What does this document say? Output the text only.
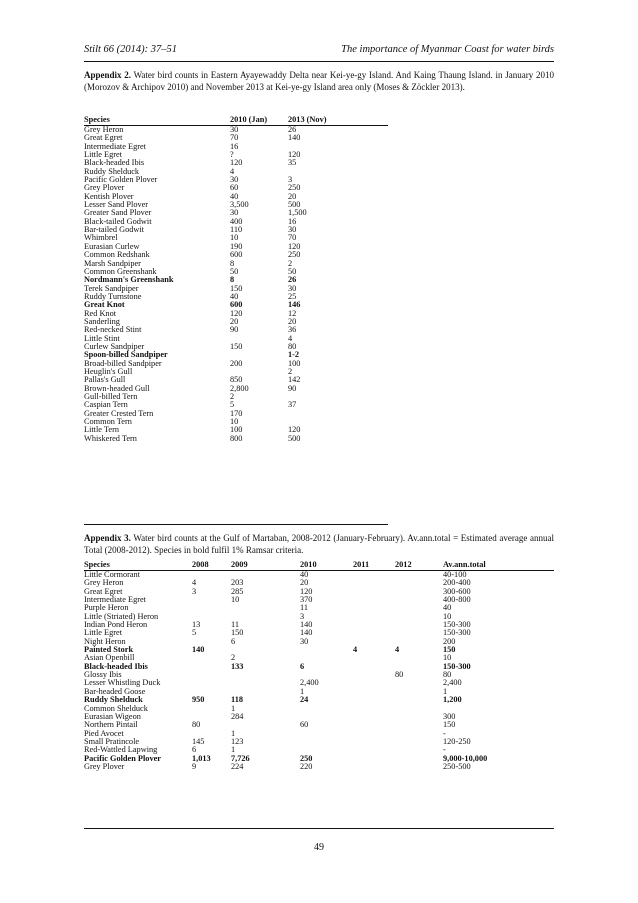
Stilt 66 (2014): 37–51	The importance of Myanmar Coast for water birds
Appendix 2. Water bird counts in Eastern Ayayewaddy Delta near Kei-ye-gy Island. And Kaing Thaung Island. in January 2010 (Morozov & Archipov 2010) and November 2013 at Kei-ye-gy Island area only (Moses & Zöckler 2013).
Species	2010 (Jan)	2013 (Nov)
Grey Heron	30	26
Great Egret	70	140
Intermediate Egret	16	
Little Egret	?	120
Black-headed Ibis	120	35
Ruddy Shelduck	4	
Pacific Golden Plover	30	3
Grey Plover	60	250
Kentish Plover	40	20
Lesser Sand Plover	3,500	500
Greater Sand Plover	30	1,500
Black-tailed Godwit	400	16
Bar-tailed Godwit	110	30
Whimbrel	10	70
Eurasian Curlew	190	120
Common Redshank	600	250
Marsh Sandpiper	8	2
Common Greenshank	50	50
Nordmann's Greenshank	8	26
Terek Sandpiper	150	30
Ruddy Turnstone	40	25
Great Knot	600	146
Red Knot	120	12
Sanderling	20	20
Red-necked Stint	90	36
Little Stint		4
Curlew Sandpiper	150	80
Spoon-billed Sandpiper		1-2
Broad-billed Sandpiper	200	100
Heuglin's Gull		2
Pallas's Gull	850	142
Brown-headed Gull	2,800	90
Gull-billed Tern	2	
Caspian Tern	5	37
Greater Crested Tern	170	
Common Tern	10	
Little Tern	100	120
Whiskered Tern	800	500
Appendix 3. Water bird counts at the Gulf of Martaban, 2008-2012 (January-February). Av.ann.total = Estimated average annual Total (2008-2012). Species in bold fulfil 1% Ramsar criteria.
Species	2008	2009	2010	2011	2012	Av.ann.total
Little Cormorant			40			40-100
Grey Heron	4	203	20			200-400
Great Egret	3	285	120			300-600
Intermediate Egret		10	370			400-800
Purple Heron			11			40
Little (Striated) Heron			3			10
Indian Pond Heron	13	11	140			150-300
Little Egret	5	150	140			150-300
Night Heron		6	30			200
Painted Stork	140			4	4	150
Asian Openbill		2				10
Black-headed Ibis		133	6			150-300
Glossy Ibis					80	80
Lesser Whistling Duck			2,400			2,400
Bar-headed Goose			1			1
Ruddy Shelduck	950	118	24			1,200
Common Shelduck		1				
Eurasian Wigeon		284				300
Northern Pintail	80		60			150
Pied Avocet		1				-
Small Pratincole	145	123				120-250
Red-Wattled Lapwing	6	1				-
Pacific Golden Plover	1,013	7,726	250			9,000-10,000
Grey Plover	9	224	220			250-500
49
